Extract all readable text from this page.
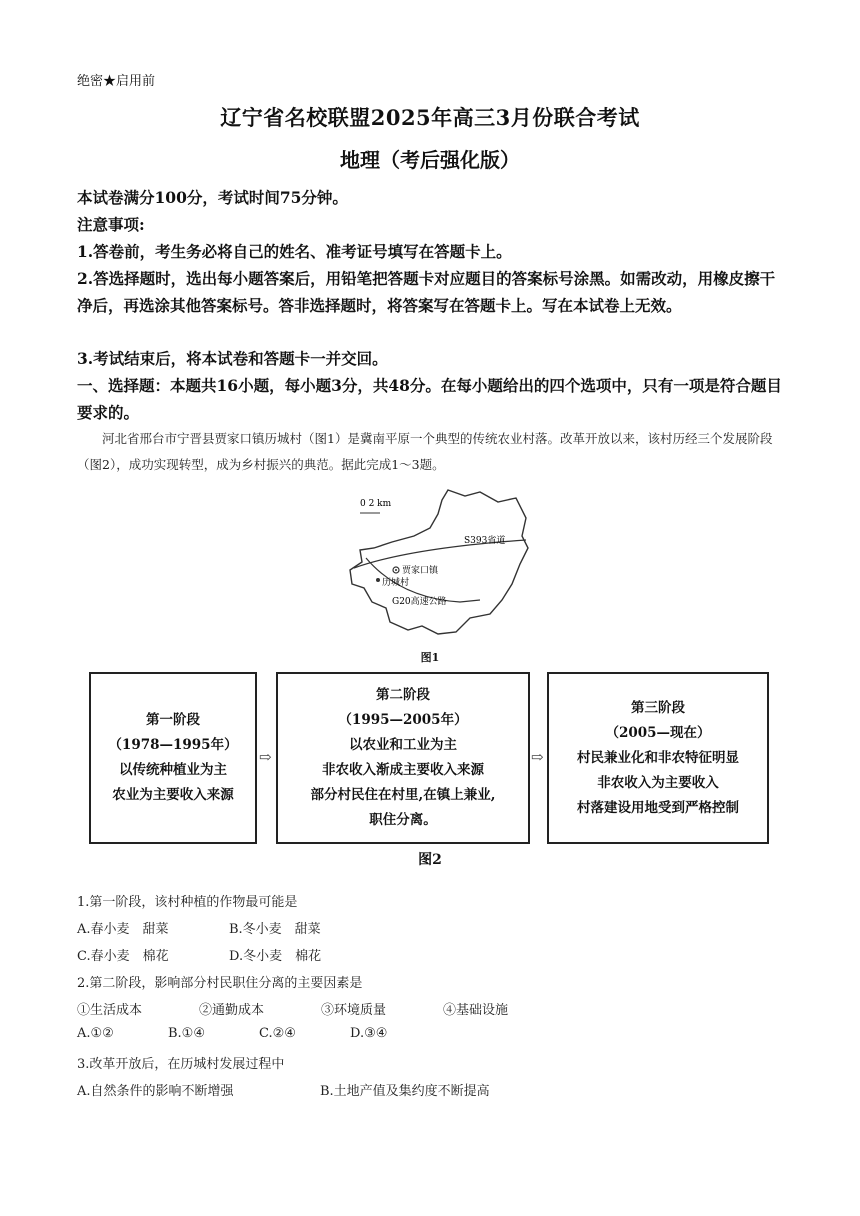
绝密★启用前
辽宁省名校联盟2025年高三3月份联合考试
地理（考后强化版）
本试卷满分100分，考试时间75分钟。
注意事项:
1.答卷前，考生务必将自己的姓名、准考证号填写在答题卡上。
2.答选择题时，选出每小题答案后，用铅笔把答题卡对应题目的答案标号涂黑。如需改动，用橡皮擦干净后，再选涂其他答案标号。答非选择题时，将答案写在答题卡上。写在本试卷上无效。
3.考试结束后，将本试卷和答题卡一并交回。
一、选择题：本题共16小题，每小题3分，共48分。在每小题给出的四个选项中，只有一项是符合题目要求的。
河北省邢台市宁晋县贾家口镇历城村（图1）是冀南平原一个典型的传统农业村落。改革开放以来，该村历经三个发展阶段（图2），成功实现转型，成为乡村振兴的典范。据此完成1～3题。
0 2 km
S393省道
贾家口镇
历城村
G20高速公路
图1
第一阶段
（1978—1995年）
以传统种植业为主
农业为主要收入来源
⇨
第二阶段
（1995—2005年）
以农业和工业为主
非农收入渐成主要收入来源
部分村民住在村里,在镇上兼业,
职住分离。
⇨
第三阶段
（2005—现在）
村民兼业化和非农特征明显
非农收入为主要收入
村落建设用地受到严格控制
图2
1.第一阶段，该村种植的作物最可能是
A.春小麦　甜菜	B.冬小麦　甜菜
C.春小麦　棉花	D.冬小麦　棉花
2.第二阶段，影响部分村民职住分离的主要因素是
①生活成本	②通勤成本	③环境质量	④基础设施
A.①②	B.①④	C.②④	D.③④
3.改革开放后，在历城村发展过程中
A.自然条件的影响不断增强	B.土地产值及集约度不断提高
